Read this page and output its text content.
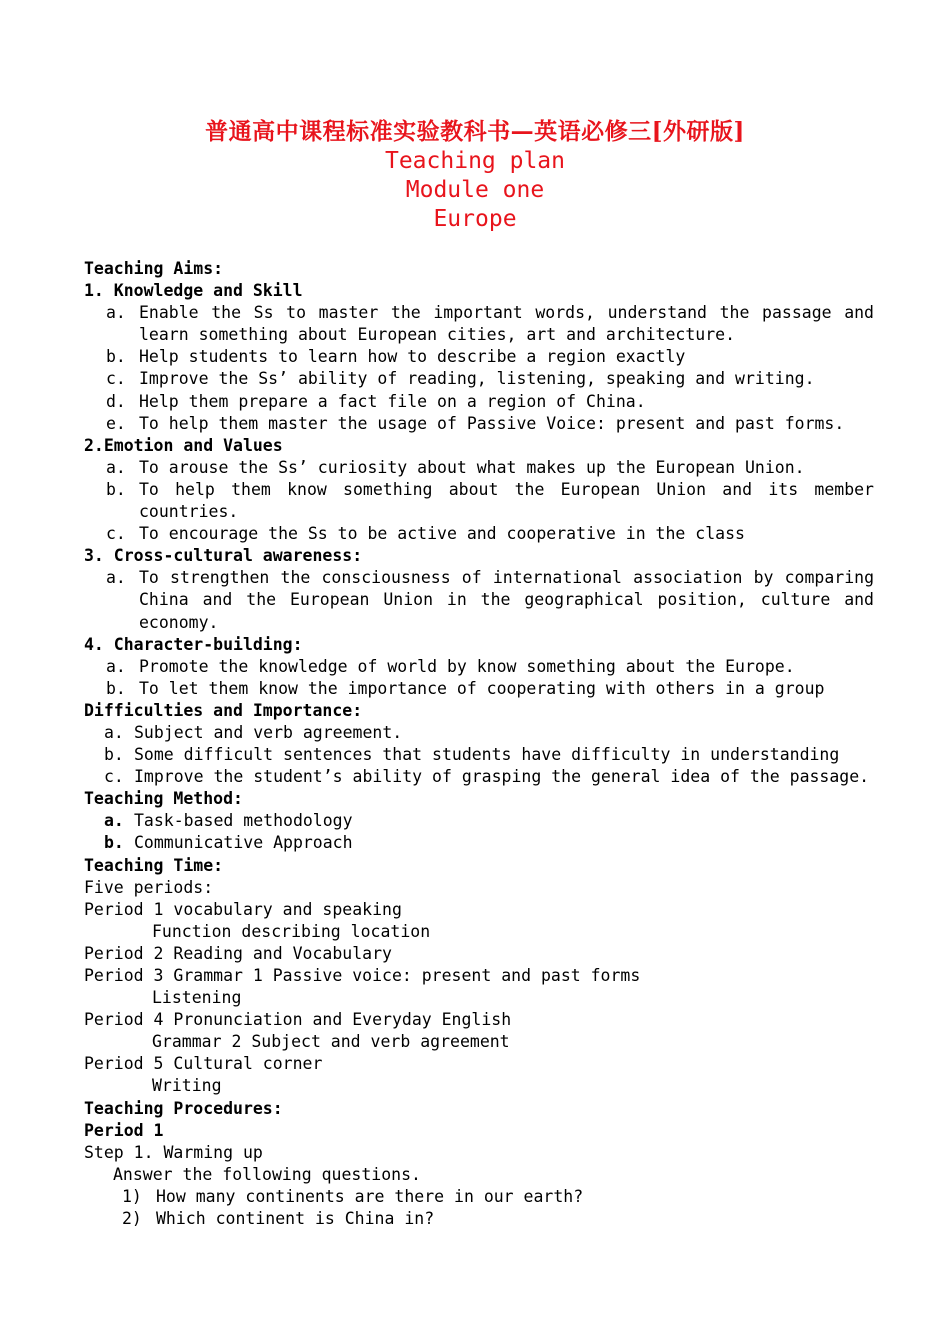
普通高中课程标准实验教科书—英语必修三[外研版]
Teaching plan
Module one
Europe
Teaching Aims:
1. Knowledge and Skill
a. Enable the Ss to master the important words, understand the passage and learn something about European cities, art and architecture.
b. Help students to learn how to describe a region exactly
c. Improve the Ss’ ability of reading, listening, speaking and writing.
d. Help them prepare a fact file on a region of China.
e. To help them master the usage of Passive Voice: present and past forms.
2.Emotion and Values
a. To arouse the Ss’ curiosity about what makes up the European Union.
b. To help them know something about the European Union and its member countries.
c. To encourage the Ss to be active and cooperative in the class
3. Cross-cultural awareness:
a. To strengthen the consciousness of international association by comparing China and the European Union in the geographical position, culture and economy.
4. Character-building:
a. Promote the knowledge of world by know something about the Europe.
b. To let them know the importance of cooperating with others in a group
Difficulties and Importance:
a. Subject and verb agreement.
b. Some difficult sentences that students have difficulty in understanding
c. Improve the student’s ability of grasping the general idea of the passage.
Teaching Method:
a. Task-based methodology
b. Communicative Approach
Teaching Time:
Five periods:
Period 1 vocabulary and speaking
Function describing location
Period 2 Reading and Vocabulary
Period 3 Grammar 1 Passive voice: present and past forms
Listening
Period 4 Pronunciation and Everyday English
Grammar 2 Subject and verb agreement
Period 5 Cultural corner
Writing
Teaching Procedures:
Period 1
Step 1. Warming up
Answer the following questions.
1) How many continents are there in our earth?
2) Which continent is China in?
